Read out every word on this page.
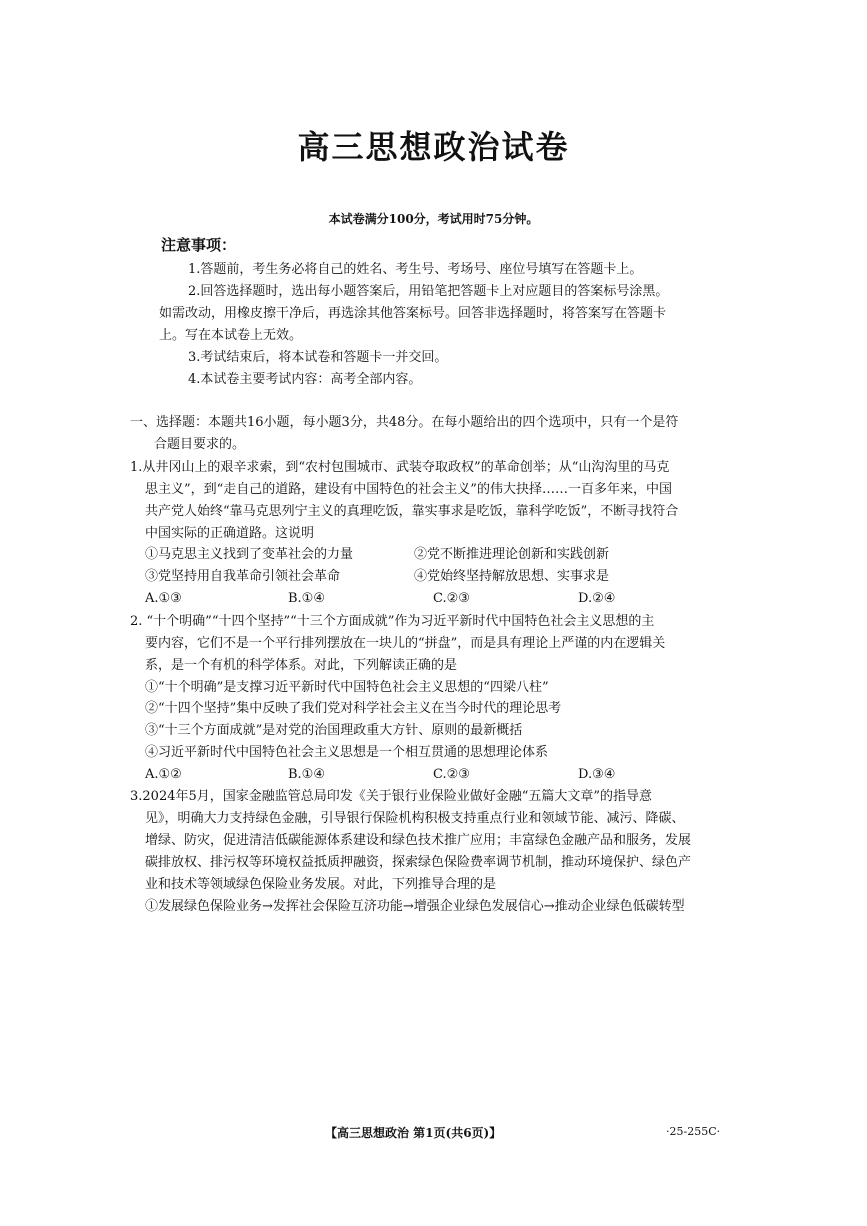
高三思想政治试卷
本试卷满分100分，考试用时75分钟。
注意事项：
1.答题前，考生务必将自己的姓名、考生号、考场号、座位号填写在答题卡上。
2.回答选择题时，选出每小题答案后，用铅笔把答题卡上对应题目的答案标号涂黑。
如需改动，用橡皮擦干净后，再选涂其他答案标号。回答非选择题时，将答案写在答题卡
上。写在本试卷上无效。
3.考试结束后，将本试卷和答题卡一并交回。
4.本试卷主要考试内容：高考全部内容。
一、选择题：本题共16小题，每小题3分，共48分。在每小题给出的四个选项中，只有一个是符
合题目要求的。
1.从井冈山上的艰辛求索，到“农村包围城市、武装夺取政权”的革命创举；从“山沟沟里的马克
思主义”，到“走自己的道路，建设有中国特色的社会主义”的伟大抉择……一百多年来，中国
共产党人始终“靠马克思列宁主义的真理吃饭，靠实事求是吃饭，靠科学吃饭”，不断寻找符合
中国实际的正确道路。这说明
①马克思主义找到了变革社会的力量	②党不断推进理论创新和实践创新
③党坚持用自我革命引领社会革命	④党始终坚持解放思想、实事求是
A.①③	B.①④	C.②③	D.②④
2. “十个明确”“十四个坚持”“十三个方面成就”作为习近平新时代中国特色社会主义思想的主
要内容，它们不是一个平行排列摆放在一块儿的“拼盘”，而是具有理论上严谨的内在逻辑关
系，是一个有机的科学体系。对此，下列解读正确的是
①“十个明确”是支撑习近平新时代中国特色社会主义思想的“四梁八柱”
②“十四个坚持”集中反映了我们党对科学社会主义在当今时代的理论思考
③“十三个方面成就”是对党的治国理政重大方针、原则的最新概括
④习近平新时代中国特色社会主义思想是一个相互贯通的思想理论体系
A.①②	B.①④	C.②③	D.③④
3.2024年5月，国家金融监管总局印发《关于银行业保险业做好金融“五篇大文章”的指导意
见》，明确大力支持绿色金融，引导银行保险机构积极支持重点行业和领域节能、减污、降碳、
增绿、防灾，促进清洁低碳能源体系建设和绿色技术推广应用；丰富绿色金融产品和服务，发展
碳排放权、排污权等环境权益抵质押融资，探索绿色保险费率调节机制，推动环境保护、绿色产
业和技术等领域绿色保险业务发展。对此，下列推导合理的是
①发展绿色保险业务→发挥社会保险互济功能→增强企业绿色发展信心→推动企业绿色低碳转型
【高三思想政治 第1页(共6页)】	·25-255C·
